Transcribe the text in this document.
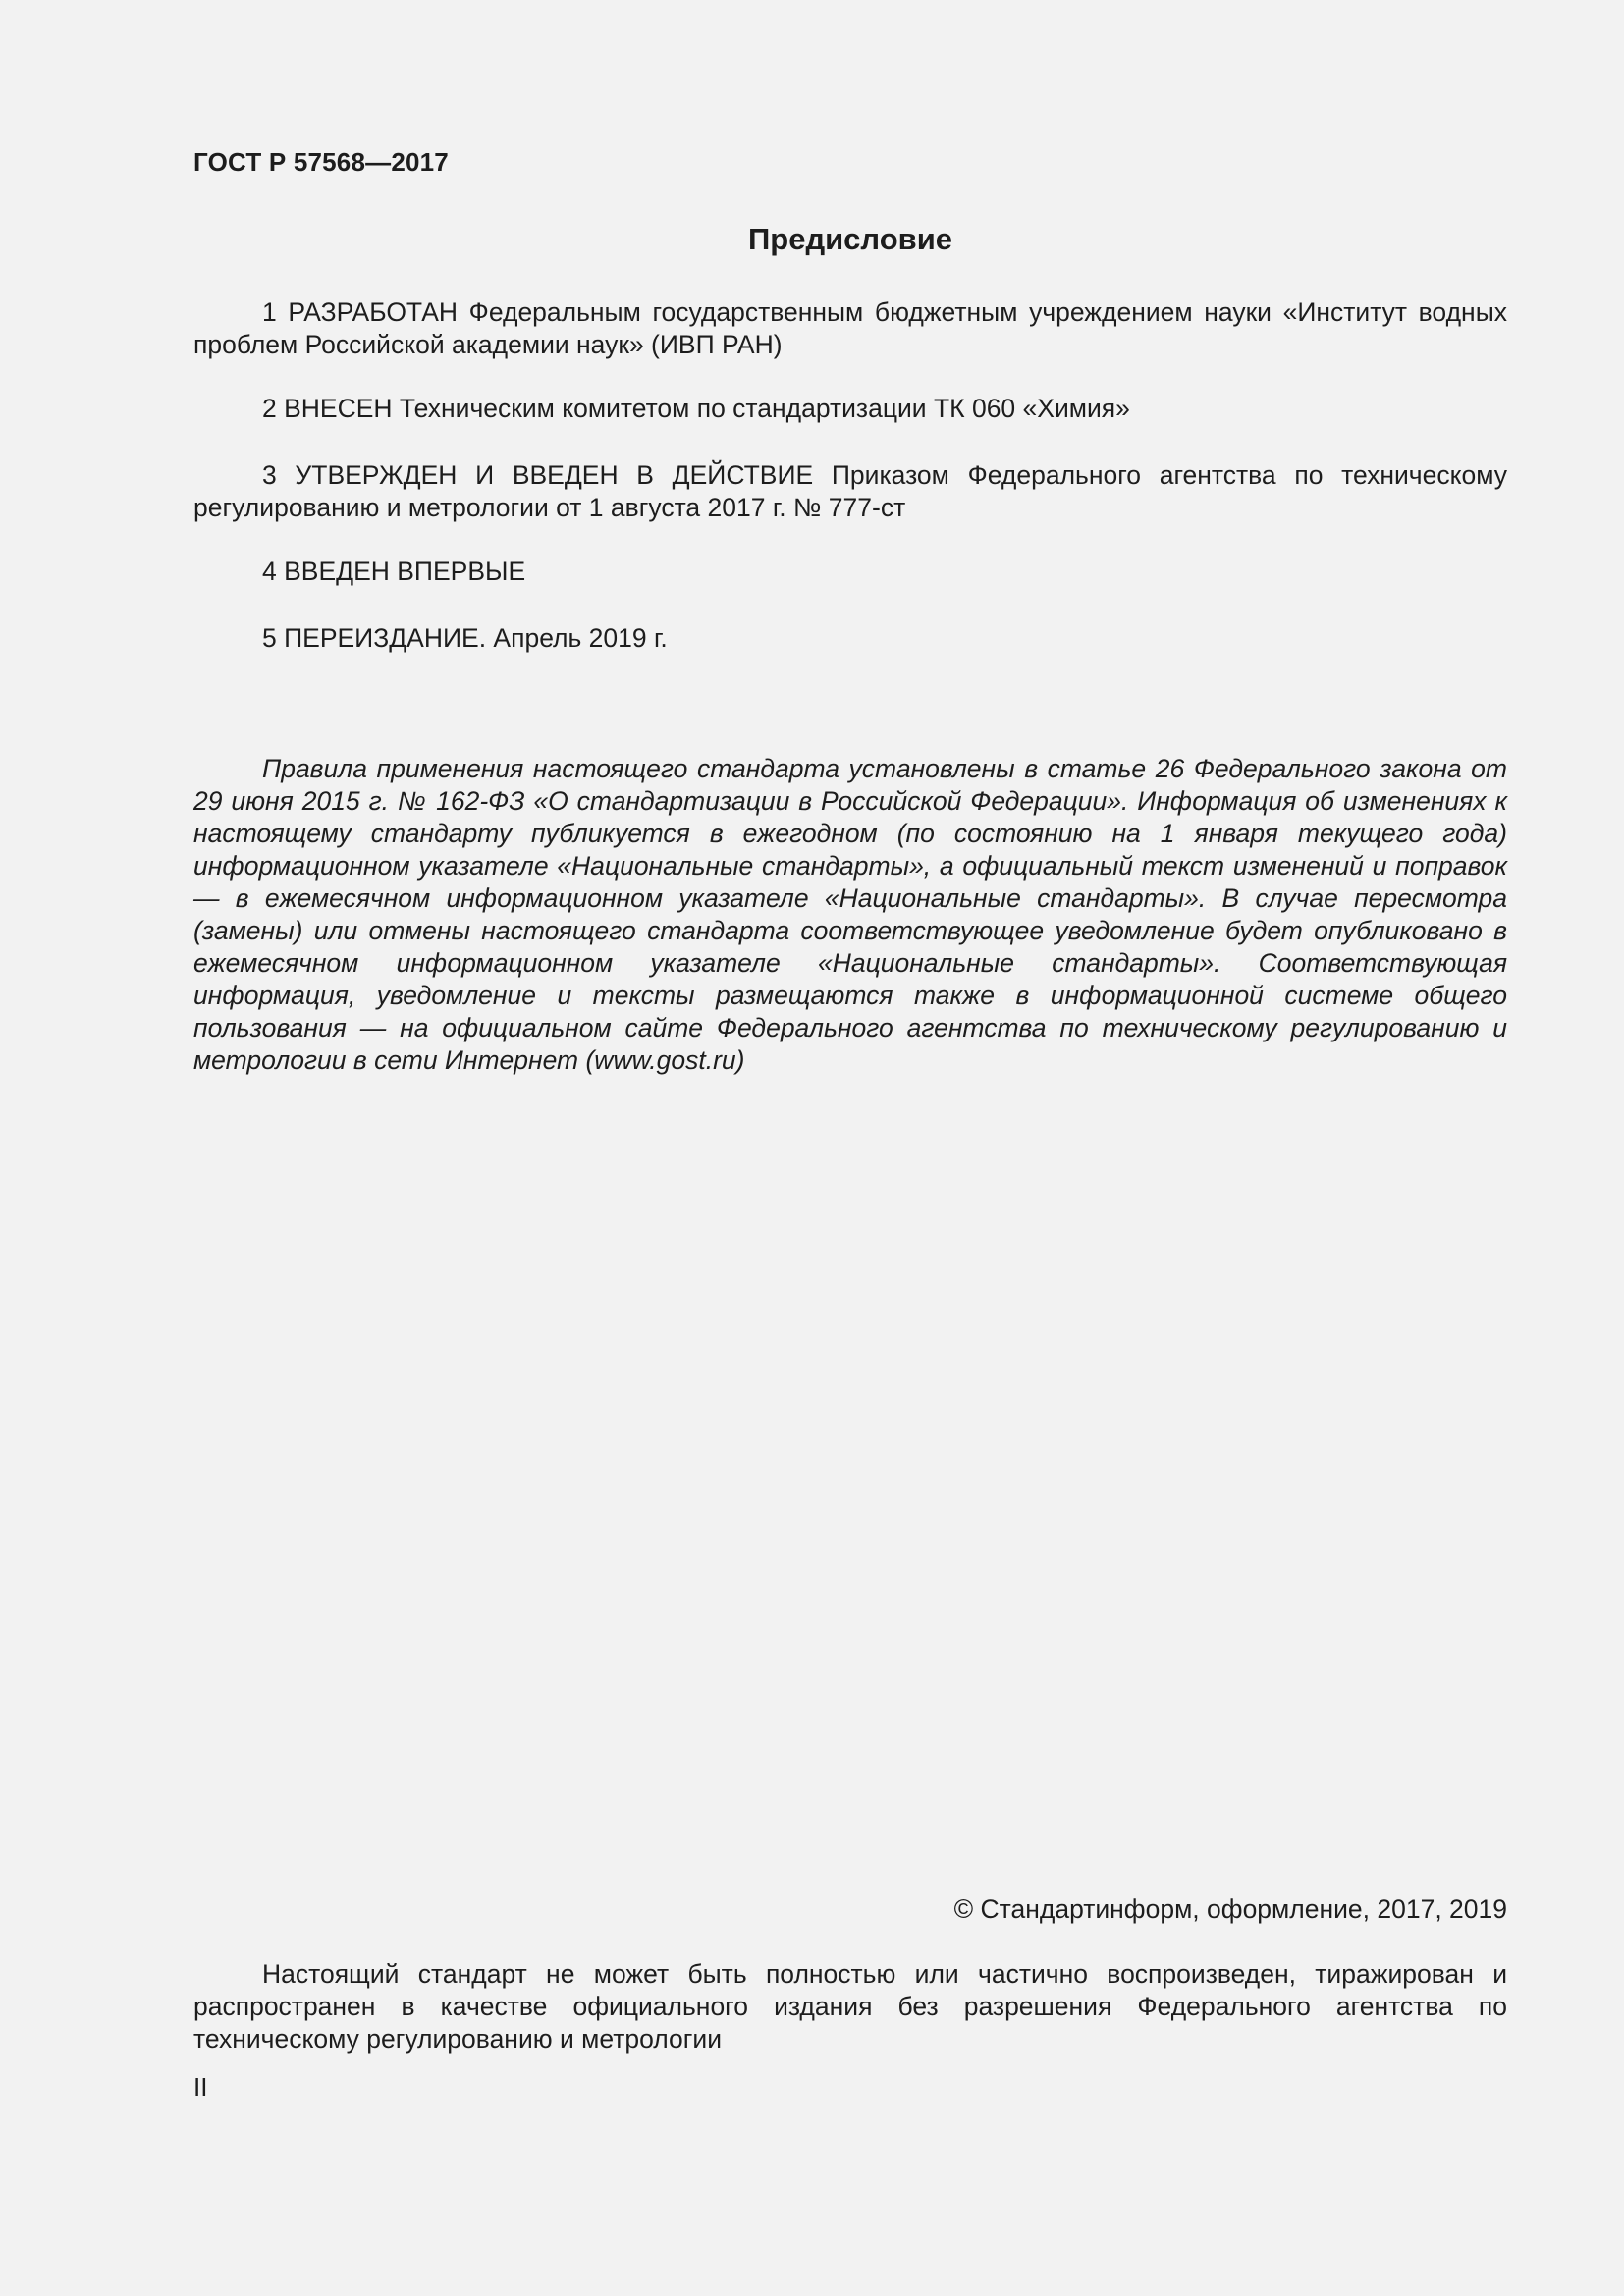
ГОСТ Р 57568—2017
Предисловие

1 РАЗРАБОТАН Федеральным государственным бюджетным учреждением науки «Институт водных проблем Российской академии наук» (ИВП РАН)

2 ВНЕСЕН Техническим комитетом по стандартизации ТК 060 «Химия»

3 УТВЕРЖДЕН И ВВЕДЕН В ДЕЙСТВИЕ Приказом Федерального агентства по техническому регулированию и метрологии от 1 августа 2017 г. № 777-ст

4 ВВЕДЕН ВПЕРВЫЕ

5 ПЕРЕИЗДАНИЕ. Апрель 2019 г.

Правила применения настоящего стандарта установлены в статье 26 Федерального закона от 29 июня 2015 г. № 162-ФЗ «О стандартизации в Российской Федерации». Информация об изменениях к настоящему стандарту публикуется в ежегодном (по состоянию на 1 января текущего года) информационном указателе «Национальные стандарты», а официальный текст изменений и поправок — в ежемесячном информационном указателе «Национальные стандарты». В случае пересмотра (замены) или отмены настоящего стандарта соответствующее уведомление будет опубликовано в ежемесячном информационном указателе «Национальные стандарты». Соответствующая информация, уведомление и тексты размещаются также в информационной системе общего пользования — на официальном сайте Федерального агентства по техническому регулированию и метрологии в сети Интернет (www.gost.ru)

© Стандартинформ, оформление, 2017, 2019

Настоящий стандарт не может быть полностью или частично воспроизведен, тиражирован и распространен в качестве официального издания без разрешения Федерального агентства по техническому регулированию и метрологии

II
